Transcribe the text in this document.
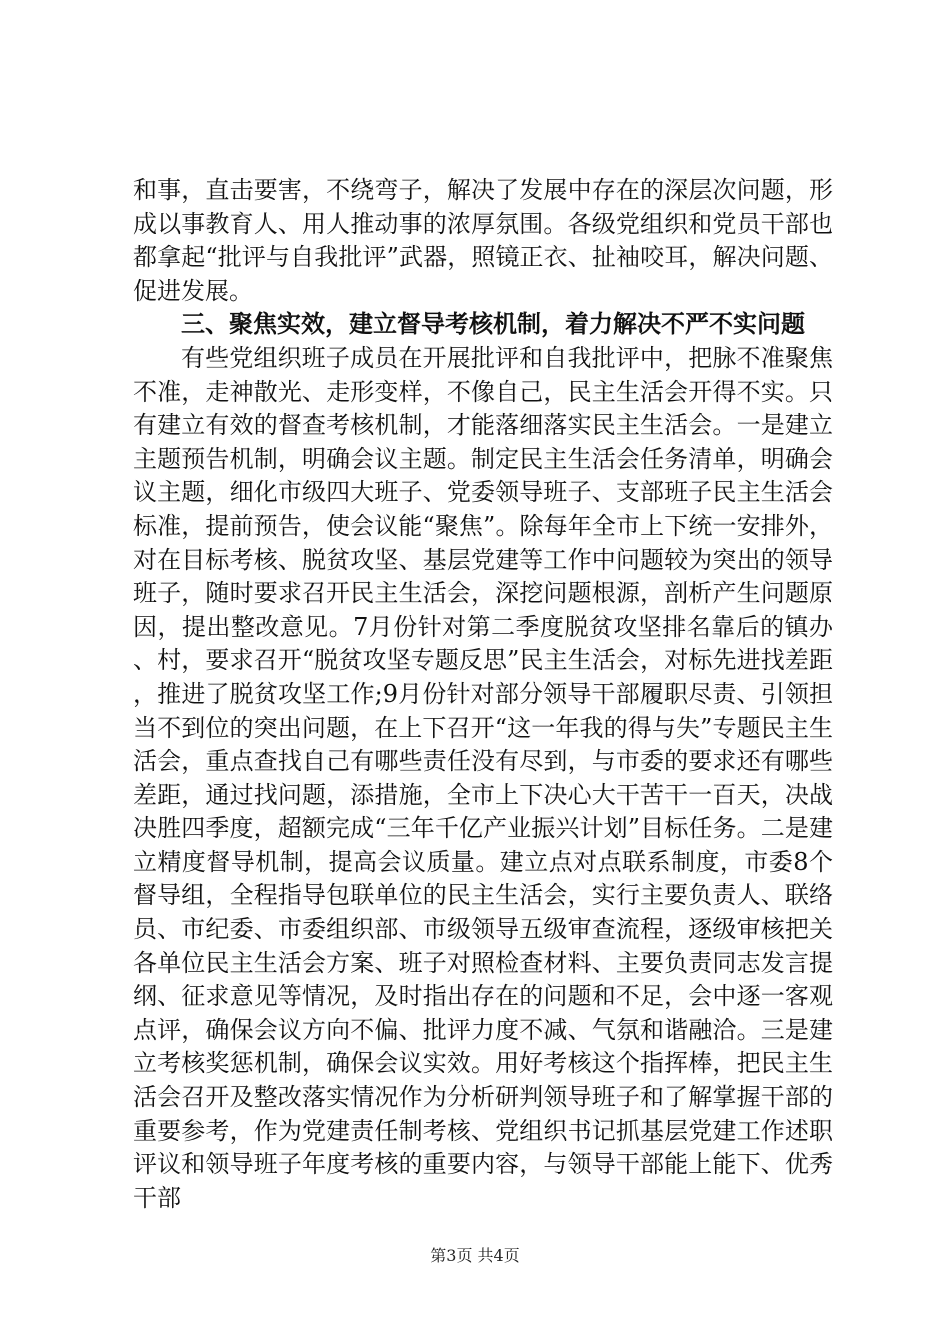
和事，直击要害，不绕弯子，解决了发展中存在的深层次问题，形成以事教育人、用人推动事的浓厚氛围。各级党组织和党员干部也都拿起“批评与自我批评”武器，照镜正衣、扯袖咬耳，解决问题、促进发展。

三、聚焦实效，建立督导考核机制，着力解决不严不实问题

有些党组织班子成员在开展批评和自我批评中，把脉不准聚焦不准，走神散光、走形变样，不像自己，民主生活会开得不实。只有建立有效的督查考核机制，才能落细落实民主生活会。一是建立主题预告机制，明确会议主题。制定民主生活会任务清单，明确会议主题，细化市级四大班子、党委领导班子、支部班子民主生活会标准，提前预告，使会议能“聚焦”。除每年全市上下统一安排外，对在目标考核、脱贫攻坚、基层党建等工作中问题较为突出的领导班子，随时要求召开民主生活会，深挖问题根源，剖析产生问题原因，提出整改意见。7月份针对第二季度脱贫攻坚排名靠后的镇办、村，要求召开“脱贫攻坚专题反思”民主生活会，对标先进找差距，推进了脱贫攻坚工作;9月份针对部分领导干部履职尽责、引领担当不到位的突出问题，在上下召开“这一年我的得与失”专题民主生活会，重点查找自己有哪些责任没有尽到，与市委的要求还有哪些差距，通过找问题，添措施，全市上下决心大干苦干一百天，决战决胜四季度，超额完成“三年千亿产业振兴计划”目标任务。二是建立精度督导机制，提高会议质量。建立点对点联系制度，市委8个督导组，全程指导包联单位的民主生活会，实行主要负责人、联络员、市纪委、市委组织部、市级领导五级审查流程，逐级审核把关各单位民主生活会方案、班子对照检查材料、主要负责同志发言提纲、征求意见等情况，及时指出存在的问题和不足，会中逐一客观点评，确保会议方向不偏、批评力度不减、气氛和谐融洽。三是建立考核奖惩机制，确保会议实效。用好考核这个指挥棒，把民主生活会召开及整改落实情况作为分析研判领导班子和了解掌握干部的重要参考，作为党建责任制考核、党组织书记抓基层党建工作述职评议和领导班子年度考核的重要内容，与领导干部能上能下、优秀干部

第3页 共4页
